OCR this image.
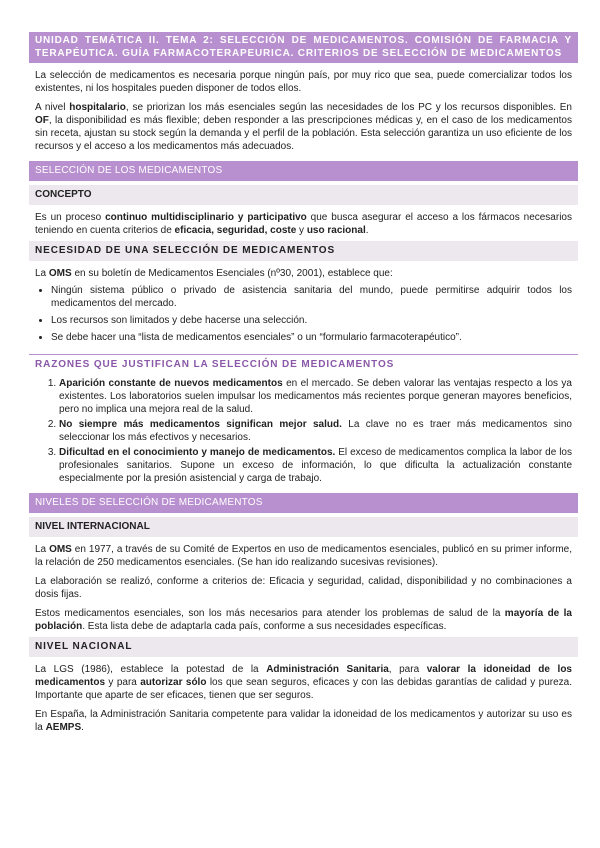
UNIDAD TEMÁTICA II. TEMA 2: SELECCIÓN DE MEDICAMENTOS. COMISIÓN DE FARMACIA Y TERAPÉUTICA. GUÍA FARMACOTERAPEURICA. CRITERIOS DE SELECCIÓN DE MEDICAMENTOS

La selección de medicamentos es necesaria porque ningún país, por muy rico que sea, puede comercializar todos los existentes, ni los hospitales pueden disponer de todos ellos.

A nivel hospitalario, se priorizan los más esenciales según las necesidades de los PC y los recursos disponibles. En OF, la disponibilidad es más flexible; deben responder a las prescripciones médicas y, en el caso de los medicamentos sin receta, ajustan su stock según la demanda y el perfil de la población. Esta selección garantiza un uso eficiente de los recursos y el acceso a los medicamentos más adecuados.

SELECCIÓN DE LOS MEDICAMENTOS
CONCEPTO

Es un proceso continuo multidisciplinario y participativo que busca asegurar el acceso a los fármacos necesarios teniendo en cuenta criterios de eficacia, seguridad, coste y uso racional.

NECESIDAD DE UNA SELECCIÓN DE MEDICAMENTOS

La OMS en su boletín de Medicamentos Esenciales (nº30, 2001), establece que:

• Ningún sistema público o privado de asistencia sanitaria del mundo, puede permitirse adquirir todos los medicamentos del mercado.
• Los recursos son limitados y debe hacerse una selección.
• Se debe hacer una “lista de medicamentos esenciales” o un “formulario farmacoterapéutico”.
RAZONES QUE JUSTIFICAN LA SELECCIÓN DE MEDICAMENTOS
1. Aparición constante de nuevos medicamentos en el mercado. Se deben valorar las ventajas respecto a los ya existentes. Los laboratorios suelen impulsar los medicamentos más recientes porque generan mayores beneficios, pero no implica una mejora real de la salud.
2. No siempre más medicamentos significan mejor salud. La clave no es traer más medicamentos sino seleccionar los más efectivos y necesarios.
3. Dificultad en el conocimiento y manejo de medicamentos. El exceso de medicamentos complica la labor de los profesionales sanitarios. Supone un exceso de información, lo que dificulta la actualización constante especialmente por la presión asistencial y carga de trabajo.
NIVELES DE SELECCIÓN DE MEDICAMENTOS
NIVEL INTERNACIONAL

La OMS en 1977, a través de su Comité de Expertos en uso de medicamentos esenciales, publicó en su primer informe, la relación de 250 medicamentos esenciales. (Se han ido realizando sucesivas revisiones).

La elaboración se realizó, conforme a criterios de: Eficacia y seguridad, calidad, disponibilidad y no combinaciones a dosis fijas.

Estos medicamentos esenciales, son los más necesarios para atender los problemas de salud de la mayoría de la población. Esta lista debe de adaptarla cada país, conforme a sus necesidades específicas.

NIVEL NACIONAL

La LGS (1986), establece la potestad de la Administración Sanitaria, para valorar la idoneidad de los medicamentos y para autorizar sólo los que sean seguros, eficaces y con las debidas garantías de calidad y pureza. Importante que aparte de ser eficaces, tienen que ser seguros.

En España, la Administración Sanitaria competente para validar la idoneidad de los medicamentos y autorizar su uso es la AEMPS.
